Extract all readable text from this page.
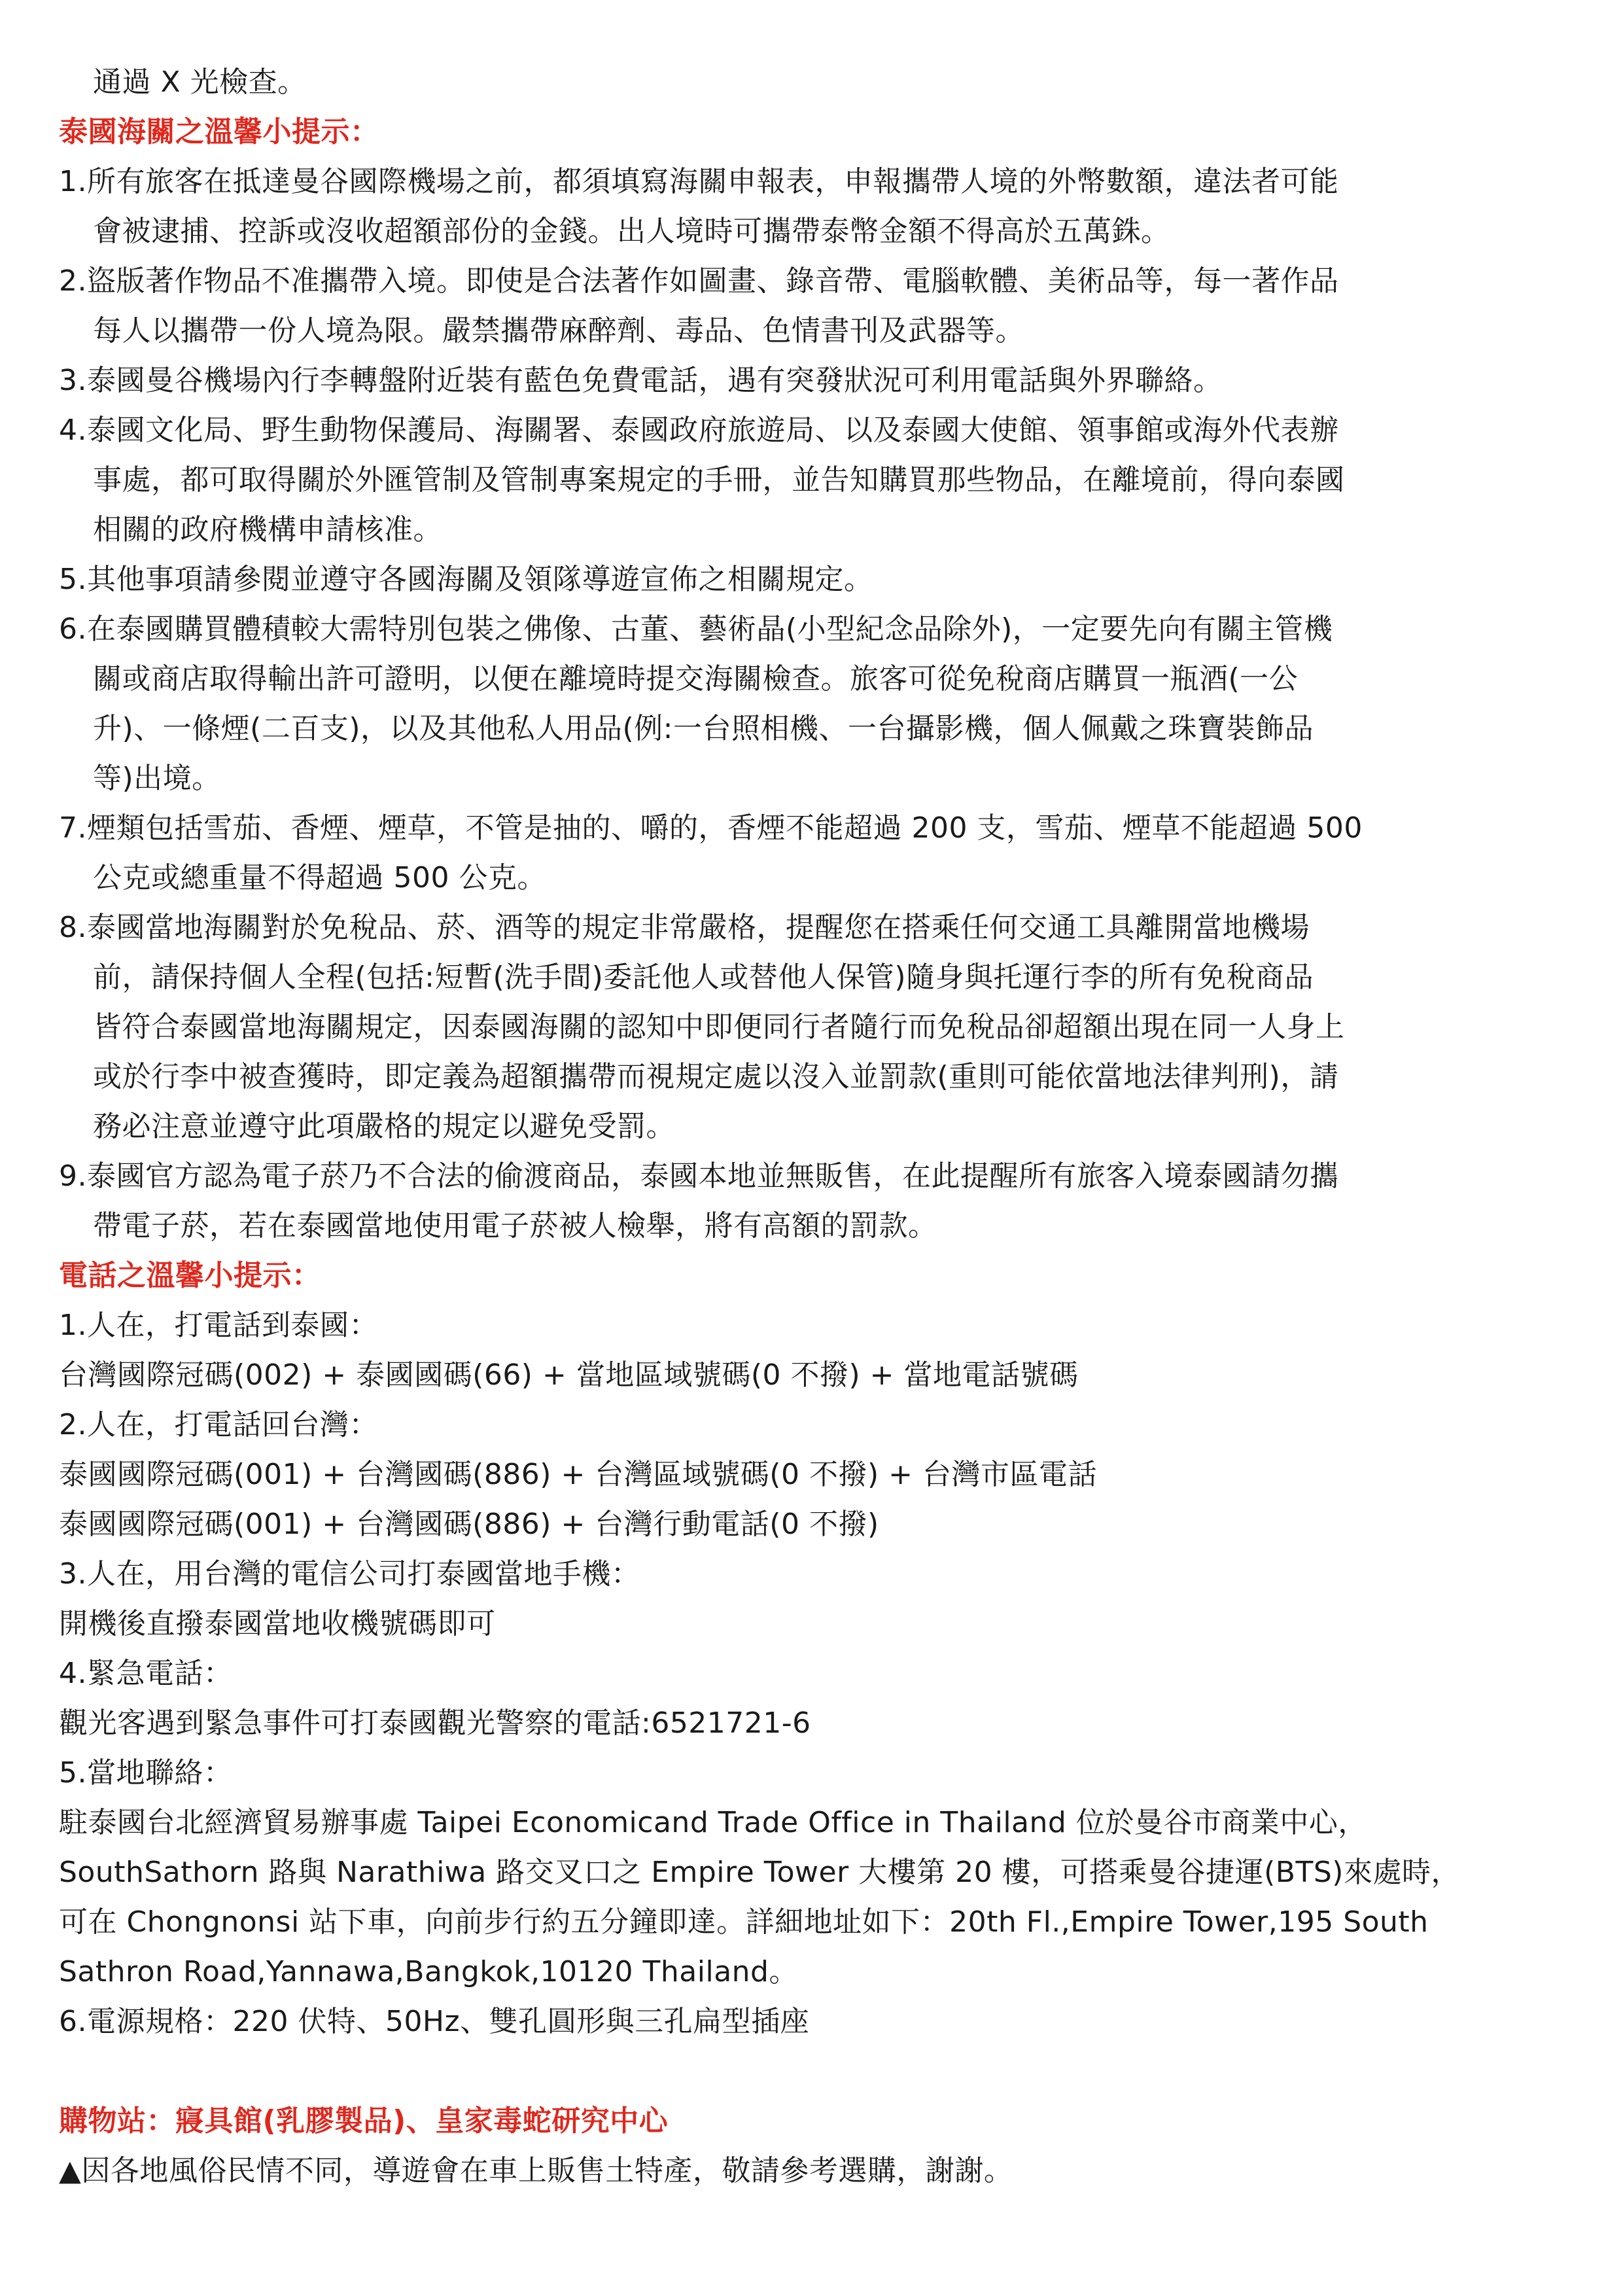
通過 X 光檢查。
泰國海關之溫馨小提示：
1.所有旅客在抵達曼谷國際機場之前，都須填寫海關申報表，申報攜帶人境的外幣數額，違法者可能
會被逮捕、控訴或沒收超額部份的金錢。出人境時可攜帶泰幣金額不得高於五萬銖。
2.盜版著作物品不准攜帶入境。即使是合法著作如圖畫、錄音帶、電腦軟體、美術品等，每一著作品
每人以攜帶一份人境為限。嚴禁攜帶麻醉劑、毒品、色情書刊及武器等。
3.泰國曼谷機場內行李轉盤附近裝有藍色免費電話，遇有突發狀況可利用電話與外界聯絡。
4.泰國文化局、野生動物保護局、海關署、泰國政府旅遊局、以及泰國大使館、領事館或海外代表辦
事處，都可取得關於外匯管制及管制專案規定的手冊，並告知購買那些物品，在離境前，得向泰國
相關的政府機構申請核准。
5.其他事項請參閱並遵守各國海關及領隊導遊宣佈之相關規定。
6.在泰國購買體積較大需特別包裝之佛像、古董、藝術晶(小型紀念品除外)，一定要先向有關主管機
關或商店取得輸出許可證明，以便在離境時提交海關檢查。旅客可從免稅商店購買一瓶酒(一公
升)、一條煙(二百支)，以及其他私人用品(例:一台照相機、一台攝影機，個人佩戴之珠寶裝飾品
等)出境。
7.煙類包括雪茄、香煙、煙草，不管是抽的、嚼的，香煙不能超過 200 支，雪茄、煙草不能超過 500
公克或總重量不得超過 500 公克。
8.泰國當地海關對於免稅品、菸、酒等的規定非常嚴格，提醒您在搭乘任何交通工具離開當地機場
前，請保持個人全程(包括:短暫(洗手間)委託他人或替他人保管)隨身與托運行李的所有免稅商品
皆符合泰國當地海關規定，因泰國海關的認知中即便同行者隨行而免稅品卻超額出現在同一人身上
或於行李中被查獲時，即定義為超額攜帶而視規定處以沒入並罰款(重則可能依當地法律判刑)，請
務必注意並遵守此項嚴格的規定以避免受罰。
9.泰國官方認為電子菸乃不合法的偷渡商品，泰國本地並無販售，在此提醒所有旅客入境泰國請勿攜
帶電子菸，若在泰國當地使用電子菸被人檢舉，將有高額的罰款。
電話之溫馨小提示：
1.人在，打電話到泰國：
台灣國際冠碼(002) + 泰國國碼(66) + 當地區域號碼(0 不撥) + 當地電話號碼
2.人在，打電話回台灣：
泰國國際冠碼(001) + 台灣國碼(886) + 台灣區域號碼(0 不撥) + 台灣市區電話
泰國國際冠碼(001) + 台灣國碼(886) + 台灣行動電話(0 不撥)
3.人在，用台灣的電信公司打泰國當地手機：
開機後直撥泰國當地收機號碼即可
4.緊急電話：
觀光客遇到緊急事件可打泰國觀光警察的電話:6521721-6
5.當地聯絡：
駐泰國台北經濟貿易辦事處 Taipei Economicand Trade Office in Thailand 位於曼谷市商業中心，
SouthSathorn 路與 Narathiwa 路交叉口之 Empire Tower 大樓第 20 樓，可搭乘曼谷捷運(BTS)來處時，
可在 Chongnonsi 站下車，向前步行約五分鐘即達。詳細地址如下：20th Fl.,Empire Tower,195 South
Sathron Road,Yannawa,Bangkok,10120 Thailand。
6.電源規格：220 伏特、50Hz、雙孔圓形與三孔扁型插座
購物站：寢具館(乳膠製品)、皇家毒蛇研究中心
▲因各地風俗民情不同，導遊會在車上販售土特產，敬請參考選購，謝謝。
